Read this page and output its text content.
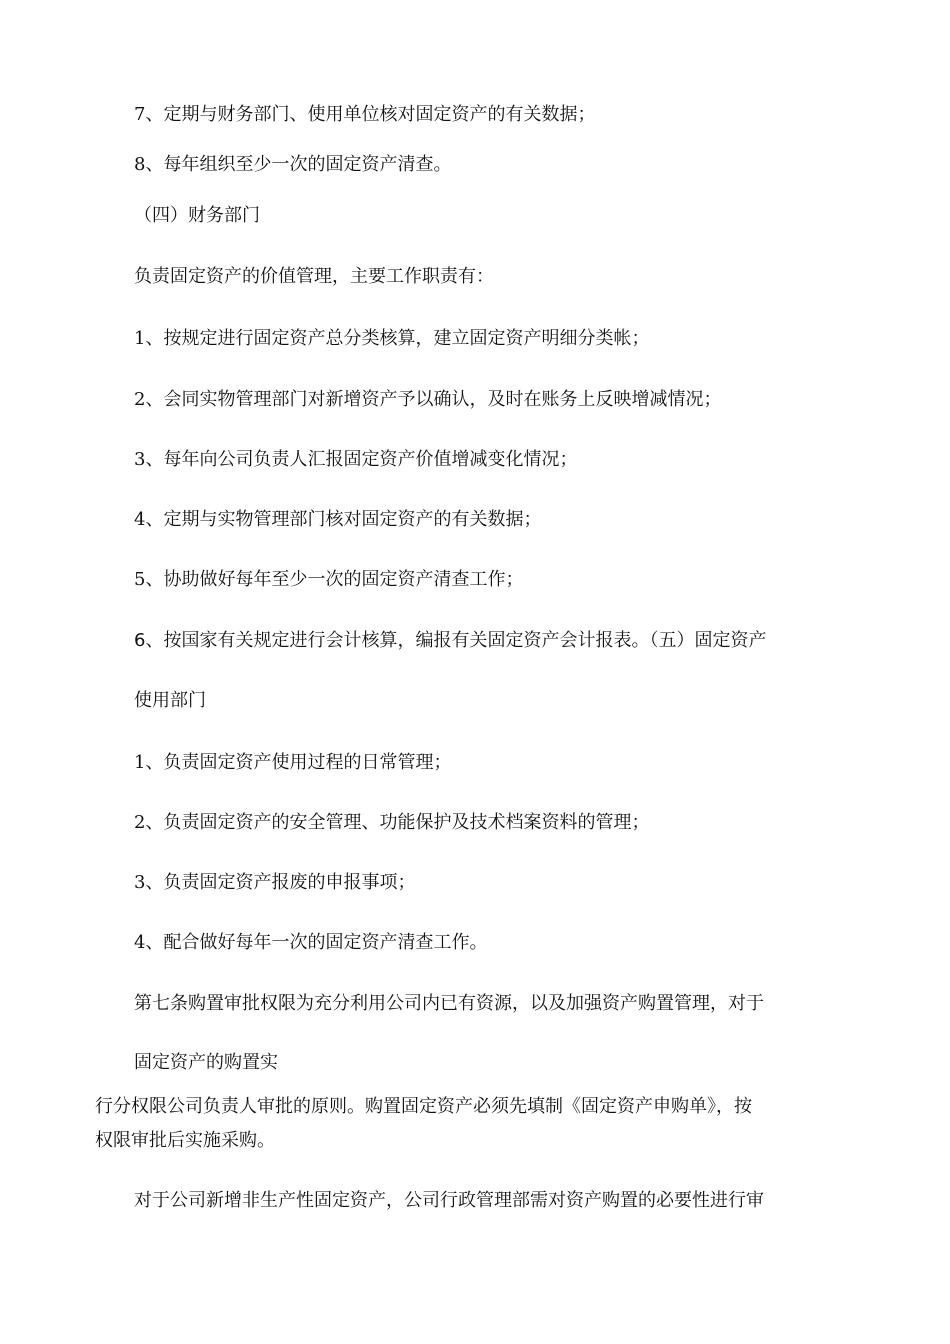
7、定期与财务部门、使用单位核对固定资产的有关数据；
8、每年组织至少一次的固定资产清查。
（四）财务部门
负责固定资产的价值管理，主要工作职责有：
1、按规定进行固定资产总分类核算，建立固定资产明细分类帐；
2、会同实物管理部门对新增资产予以确认，及时在账务上反映增减情况；
3、每年向公司负责人汇报固定资产价值增减变化情况；
4、定期与实物管理部门核对固定资产的有关数据；
5、协助做好每年至少一次的固定资产清查工作；
6、按国家有关规定进行会计核算，编报有关固定资产会计报表。（五）固定资产
使用部门
1、负责固定资产使用过程的日常管理；
2、负责固定资产的安全管理、功能保护及技术档案资料的管理；
3、负责固定资产报废的申报事项；
4、配合做好每年一次的固定资产清查工作。
第七条购置审批权限为充分利用公司内已有资源，以及加强资产购置管理，对于
固定资产的购置实
行分权限公司负责人审批的原则。购置固定资产必须先填制《固定资产申购单》，按
权限审批后实施采购。
对于公司新增非生产性固定资产，公司行政管理部需对资产购置的必要性进行审
